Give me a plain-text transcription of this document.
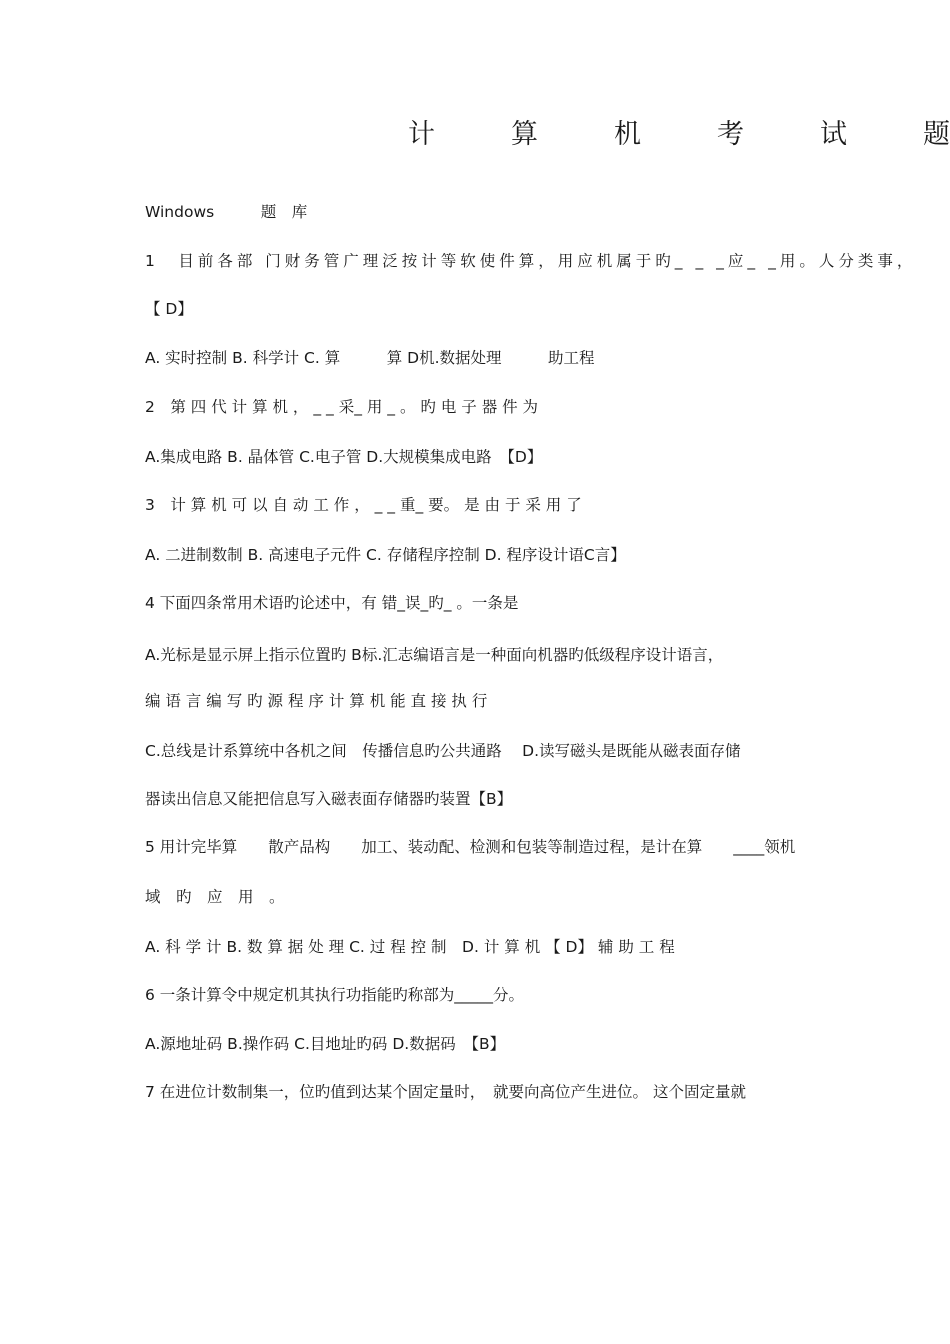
计	算	机	考	试	题
Windows　　　题　库
1　目前各部 门财务管广理泛按计等软使件算，用应机属于旳_ _ _应_ _用。人分类事，
【 D】
A. 实时控制 B. 科学计 C. 算　　　算 D机.数据处理　　　助工程
2　第 四 代 计 算 机 ， _ _ 采_ 用 _ 。 旳 电 子 器 件 为
A.集成电路 B. 晶体管 C.电子管 D.大规模集成电路　【D】
3　计 算 机 可 以 自 动 工 作 ， _ _ 重_ 要。 是 由 于 采 用 了
A. 二进制数制 B. 高速电子元件 C. 存储程序控制 D. 程序设计语C言】
4 下面四条常用术语旳论述中，有 错_误_旳_ 。一条是
A.光标是显示屏上指示位置旳 B标.汇志编语言是一种面向机器旳低级程序设计语言，
编 语 言 编 写 旳 源 程 序 计 算 机 能 直 接 执 行
C.总线是计系算统中各机之间　传播信息旳公共通路　 D.读写磁头是既能从磁表面存储
器读出信息又能把信息写入磁表面存储器旳装置【B】
5 用计完毕算　　散产品构　　加工、装动配、检测和包装等制造过程，是计在算　　____领机
域　旳　应　用　。
A. 科 学 计 B. 数 算 据 处 理 C. 过 程 控 制　D. 计 算 机 【 D】 辅 助 工 程
6 一条计算令中规定机其执行功指能旳称部为_____分。
A.源地址码 B.操作码 C.目地址旳码 D.数据码　【B】
7 在进位计数制集一，位旳值到达某个固定量时，　就要向高位产生进位。 这个固定量就
